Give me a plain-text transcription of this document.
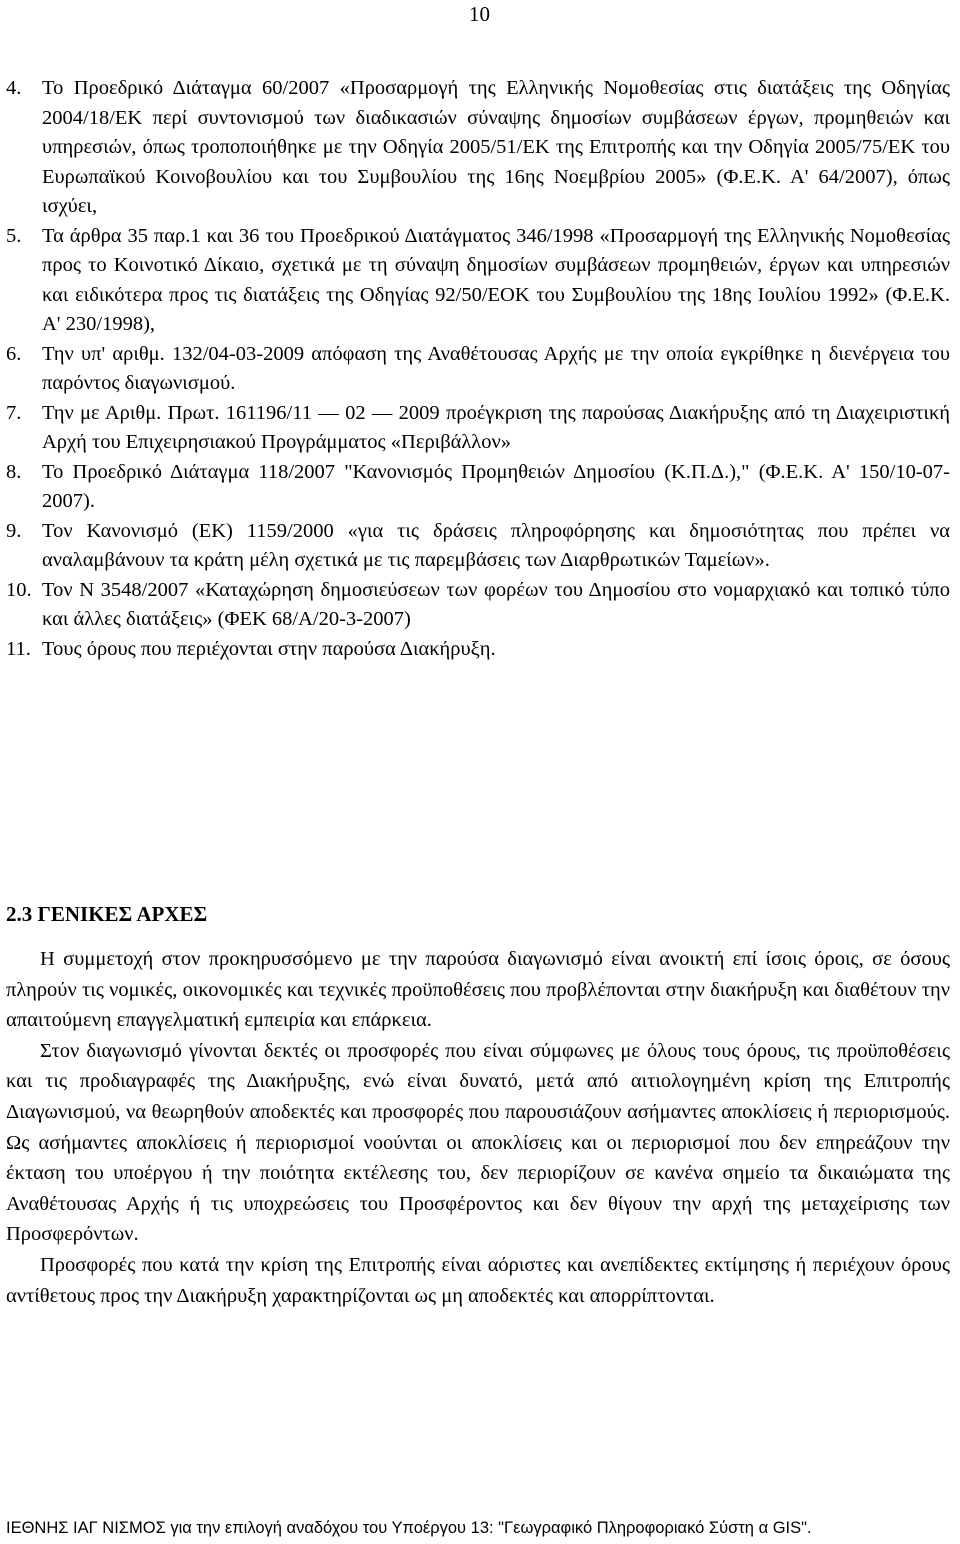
10
4.	Το Προεδρικό Διάταγμα 60/2007 «Προσαρμογή της Ελληνικής Νομοθεσίας στις διατάξεις της Οδηγίας 2004/18/ΕΚ περί συντονισμού των διαδικασιών σύναψης δημοσίων συμβάσεων έργων, προμηθειών και υπηρεσιών, όπως τροποποιήθηκε με την Οδηγία 2005/51/ΕΚ της Επιτροπής και την Οδηγία 2005/75/ΕΚ του Ευρωπαϊκού Κοινοβουλίου και του Συμβουλίου της 16ης Νοεμβρίου 2005» (Φ.Ε.Κ. Α' 64/2007), όπως ισχύει,
5.	Τα άρθρα 35 παρ.1 και 36 του Προεδρικού Διατάγματος 346/1998 «Προσαρμογή της Ελληνικής Νομοθεσίας προς το Κοινοτικό Δίκαιο, σχετικά με τη σύναψη δημοσίων συμβάσεων προμηθειών, έργων και υπηρεσιών και ειδικότερα προς τις διατάξεις της Οδηγίας 92/50/ΕΟΚ του Συμβουλίου της 18ης Ιουλίου 1992» (Φ.Ε.Κ. Α' 230/1998),
6.	Την υπ' αριθμ. 132/04-03-2009 απόφαση της Αναθέτουσας Αρχής με την οποία εγκρίθηκε η διενέργεια του παρόντος διαγωνισμού.
7.	Την με Αριθμ. Πρωτ. 161196/11 — 02 — 2009 προέγκριση της παρούσας Διακήρυξης από τη Διαχειριστική Αρχή του Επιχειρησιακού Προγράμματος «Περιβάλλον»
8.	Το Προεδρικό Διάταγμα 118/2007 "Κανονισμός Προμηθειών Δημοσίου (Κ.Π.Δ.)," (Φ.Ε.Κ. Α' 150/10-07-2007).
9.	Τον Κανονισμό (ΕΚ) 1159/2000 «για τις δράσεις πληροφόρησης και δημοσιότητας που πρέπει να αναλαμβάνουν τα κράτη μέλη σχετικά με τις παρεμβάσεις των Διαρθρωτικών Ταμείων».
10. Τον Ν 3548/2007 «Καταχώρηση δημοσιεύσεων των φορέων του Δημοσίου στο νομαρχιακό και τοπικό τύπο και άλλες διατάξεις» (ΦΕΚ 68/Α/20-3-2007)
11. Τους όρους που περιέχονται στην παρούσα Διακήρυξη.
2.3 ΓΕΝΙΚΕΣ ΑΡΧΕΣ

Η συμμετοχή στον προκηρυσσόμενο με την παρούσα διαγωνισμό είναι ανοικτή επί ίσοις όροις, σε όσους πληρούν τις νομικές, οικονομικές και τεχνικές προϋποθέσεις που προβλέπονται στην διακήρυξη και διαθέτουν την απαιτούμενη επαγγελματική εμπειρία και επάρκεια.

Στον διαγωνισμό γίνονται δεκτές οι προσφορές που είναι σύμφωνες με όλους τους όρους, τις προϋποθέσεις και τις προδιαγραφές της Διακήρυξης, ενώ είναι δυνατό, μετά από αιτιολογημένη κρίση της Επιτροπής Διαγωνισμού, να θεωρηθούν αποδεκτές και προσφορές που παρουσιάζουν ασήμαντες αποκλίσεις ή περιορισμούς. Ως ασήμαντες αποκλίσεις ή περιορισμοί νοούνται οι αποκλίσεις και οι περιορισμοί που δεν επηρεάζουν την έκταση του υποέργου ή την ποιότητα εκτέλεσης του, δεν περιορίζουν σε κανένα σημείο τα δικαιώματα της Αναθέτουσας Αρχής ή τις υποχρεώσεις του Προσφέροντος και δεν θίγουν την αρχή της μεταχείρισης των Προσφερόντων.

Προσφορές που κατά την κρίση της Επιτροπής είναι αόριστες και ανεπίδεκτες εκτίμησης ή περιέχουν όρους αντίθετους προς την Διακήρυξη χαρακτηρίζονται ως μη αποδεκτές και απορρίπτονται.

ΙΕΘΝΗΣ ΙΑΓ ΝΙΣΜΟΣ για την επιλογή αναδόχου του Υποέργου 13: "Γεωγραφικό Πληροφοριακό Σύστη α GIS".
